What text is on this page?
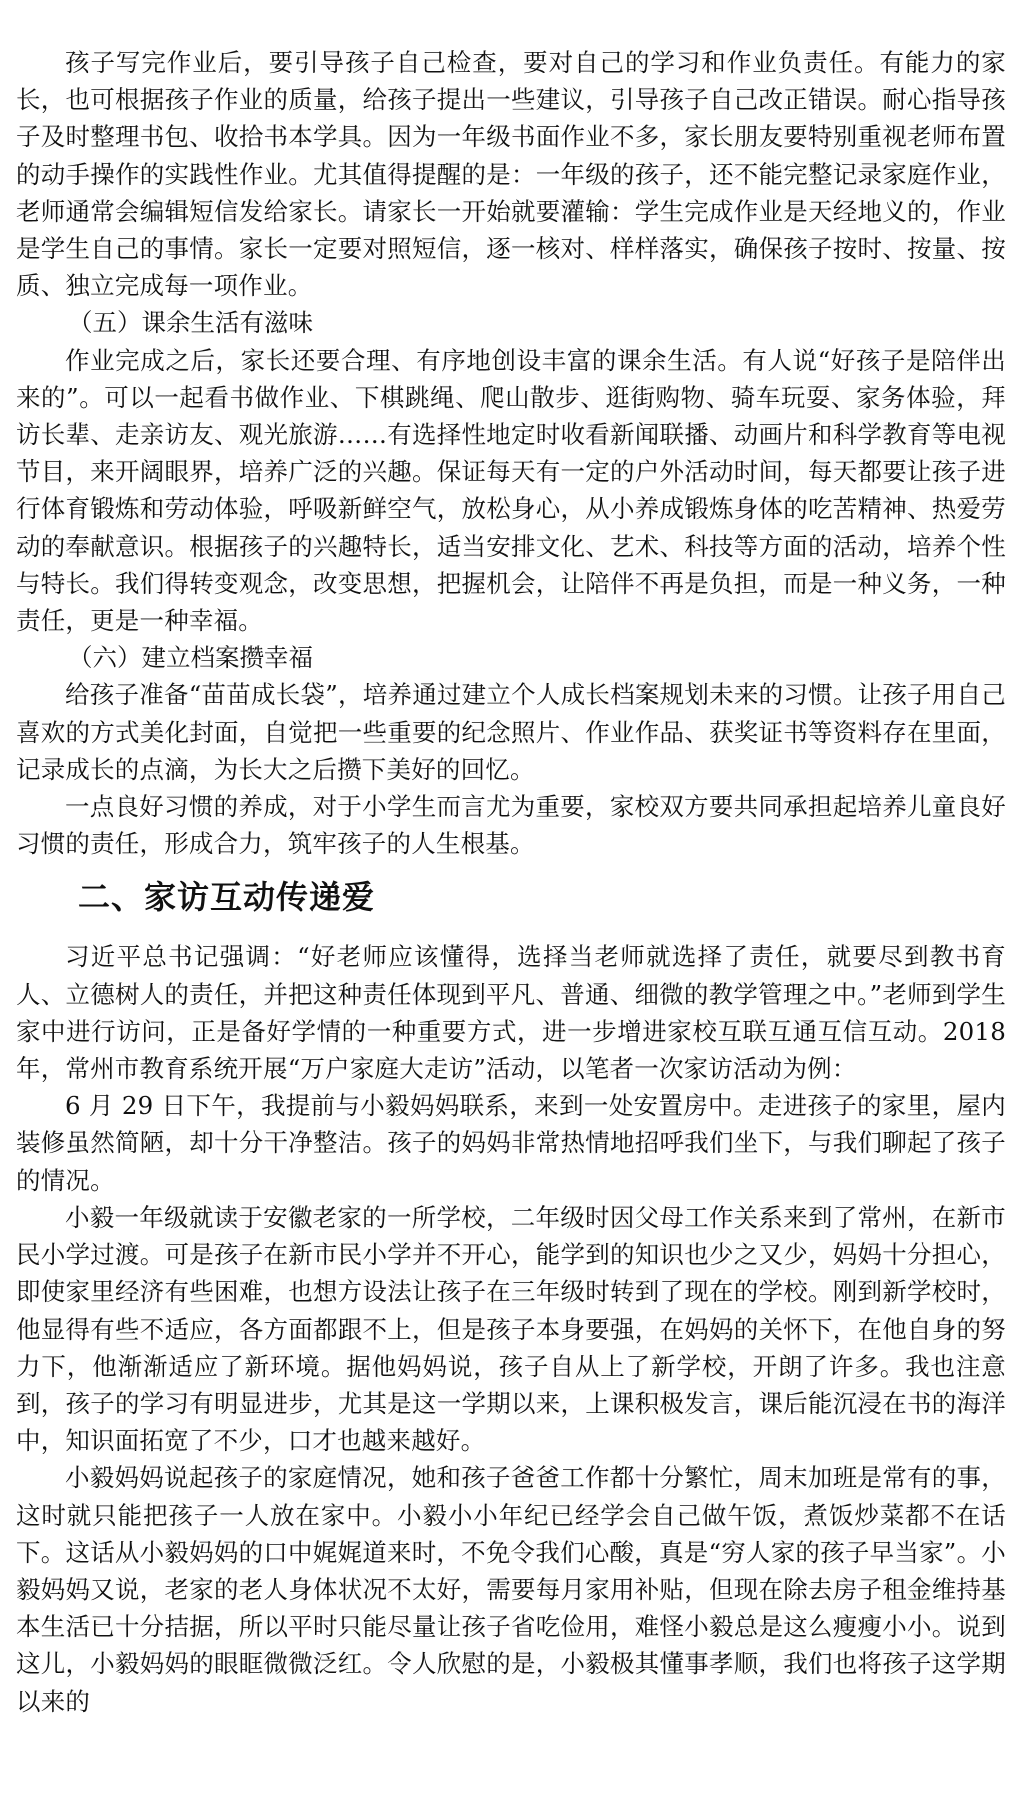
孩子写完作业后，要引导孩子自己检查，要对自己的学习和作业负责任。有能力的家长，也可根据孩子作业的质量，给孩子提出一些建议，引导孩子自己改正错误。耐心指导孩子及时整理书包、收拾书本学具。因为一年级书面作业不多，家长朋友要特别重视老师布置的动手操作的实践性作业。尤其值得提醒的是：一年级的孩子，还不能完整记录家庭作业，老师通常会编辑短信发给家长。请家长一开始就要灌输：学生完成作业是天经地义的，作业是学生自己的事情。家长一定要对照短信，逐一核对、样样落实，确保孩子按时、按量、按质、独立完成每一项作业。

（五）课余生活有滋味

作业完成之后，家长还要合理、有序地创设丰富的课余生活。有人说“好孩子是陪伴出来的”。可以一起看书做作业、下棋跳绳、爬山散步、逛街购物、骑车玩耍、家务体验，拜访长辈、走亲访友、观光旅游……有选择性地定时收看新闻联播、动画片和科学教育等电视节目，来开阔眼界，培养广泛的兴趣。保证每天有一定的户外活动时间，每天都要让孩子进行体育锻炼和劳动体验，呼吸新鲜空气，放松身心，从小养成锻炼身体的吃苦精神、热爱劳动的奉献意识。根据孩子的兴趣特长，适当安排文化、艺术、科技等方面的活动，培养个性与特长。我们得转变观念，改变思想，把握机会，让陪伴不再是负担，而是一种义务，一种责任，更是一种幸福。

（六）建立档案攒幸福

给孩子准备“苗苗成长袋”，培养通过建立个人成长档案规划未来的习惯。让孩子用自己喜欢的方式美化封面，自觉把一些重要的纪念照片、作业作品、获奖证书等资料存在里面，记录成长的点滴，为长大之后攒下美好的回忆。

一点良好习惯的养成，对于小学生而言尤为重要，家校双方要共同承担起培养儿童良好习惯的责任，形成合力，筑牢孩子的人生根基。

二、家访互动传递爱

习近平总书记强调：“好老师应该懂得，选择当老师就选择了责任，就要尽到教书育人、立德树人的责任，并把这种责任体现到平凡、普通、细微的教学管理之中。”老师到学生家中进行访问，正是备好学情的一种重要方式，进一步增进家校互联互通互信互动。2018 年，常州市教育系统开展“万户家庭大走访”活动，以笔者一次家访活动为例：

6 月 29 日下午，我提前与小毅妈妈联系，来到一处安置房中。走进孩子的家里，屋内装修虽然简陋，却十分干净整洁。孩子的妈妈非常热情地招呼我们坐下，与我们聊起了孩子的情况。

小毅一年级就读于安徽老家的一所学校，二年级时因父母工作关系来到了常州，在新市民小学过渡。可是孩子在新市民小学并不开心，能学到的知识也少之又少，妈妈十分担心，即使家里经济有些困难，也想方设法让孩子在三年级时转到了现在的学校。刚到新学校时，他显得有些不适应，各方面都跟不上，但是孩子本身要强，在妈妈的关怀下，在他自身的努力下，他渐渐适应了新环境。据他妈妈说，孩子自从上了新学校，开朗了许多。我也注意到，孩子的学习有明显进步，尤其是这一学期以来，上课积极发言，课后能沉浸在书的海洋中，知识面拓宽了不少，口才也越来越好。

小毅妈妈说起孩子的家庭情况，她和孩子爸爸工作都十分繁忙，周末加班是常有的事，这时就只能把孩子一人放在家中。小毅小小年纪已经学会自己做午饭，煮饭炒菜都不在话下。这话从小毅妈妈的口中娓娓道来时，不免令我们心酸，真是“穷人家的孩子早当家”。小毅妈妈又说，老家的老人身体状况不太好，需要每月家用补贴，但现在除去房子租金维持基本生活已十分拮据，所以平时只能尽量让孩子省吃俭用，难怪小毅总是这么瘦瘦小小。说到这儿，小毅妈妈的眼眶微微泛红。令人欣慰的是，小毅极其懂事孝顺，我们也将孩子这学期以来的
